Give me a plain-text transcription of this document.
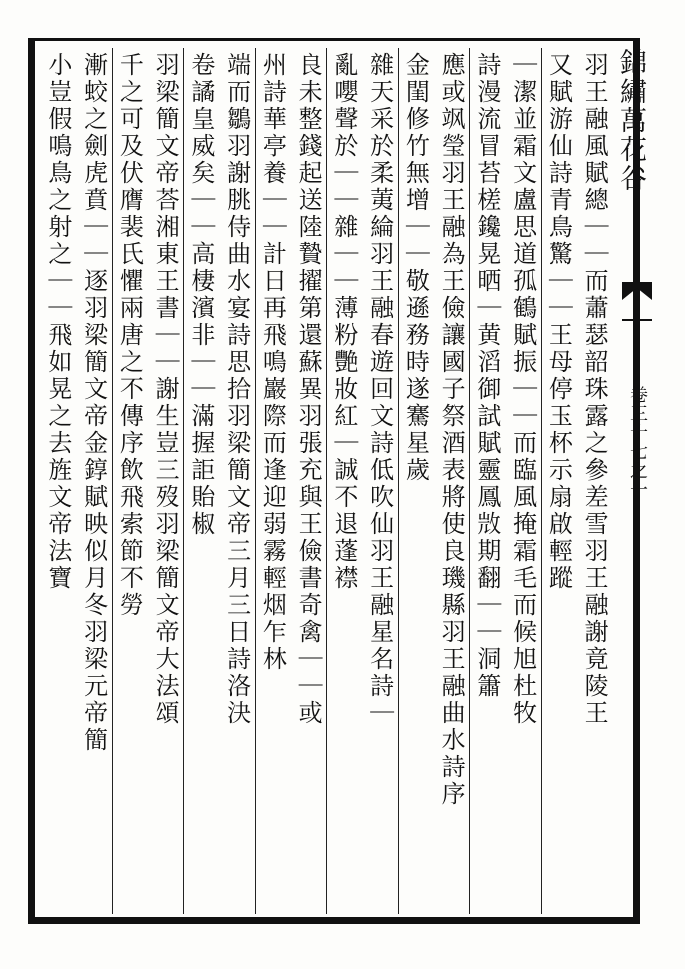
錦繡萬花谷
卷三十七之一
羽王融風賦總｜｜而蕭瑟韶珠露之參差雪羽王融謝竟陵王
又賦游仙詩青鳥驚｜｜王母停玉杯示扇啟輕蹤
｜潔並霜文盧思道孤鶴賦振｜｜而臨風掩霜毛而候旭杜牧
詩漫流冒苔槎鑱晃晒｜黄滔御試賦靈鳳𣁋期翻｜｜洞簫
應或飒瑩羽王融為王儉讓國子祭酒表將使良璣縣羽王融曲水詩序
金閨修竹無增｜｜敬遜務時遂騫星歲
雜天采於柔荑綸羽王融春遊回文詩低吹仙羽王融星名詩｜
亂嚶聲於｜｜雜｜｜薄粉艷妝紅｜誠不退蓬襟
良未整錢起送陸贄擢第還蘇異羽張充與王儉書奇禽｜｜或
州詩華亭養｜｜計日再飛鳴巖際而逢迎弱霧輕烟乍林
端而鶵羽謝朓侍曲水宴詩思拾羽梁簡文帝三月三日詩洛決
卷譎皇威矣｜｜高棲濱非｜｜滿握詎貽椒
羽梁簡文帝荅湘東王書｜｜謝生豈三歿羽梁簡文帝大法頌
千之可及伏膺裴氏懼兩唐之不傳序飲飛索節不勞
漸蛟之劍虎賁｜｜逐羽梁簡文帝金錞賦映似月冬羽梁元帝簡
小豈假鳴鳥之射之｜｜飛如晃之去旌文帝法寶
